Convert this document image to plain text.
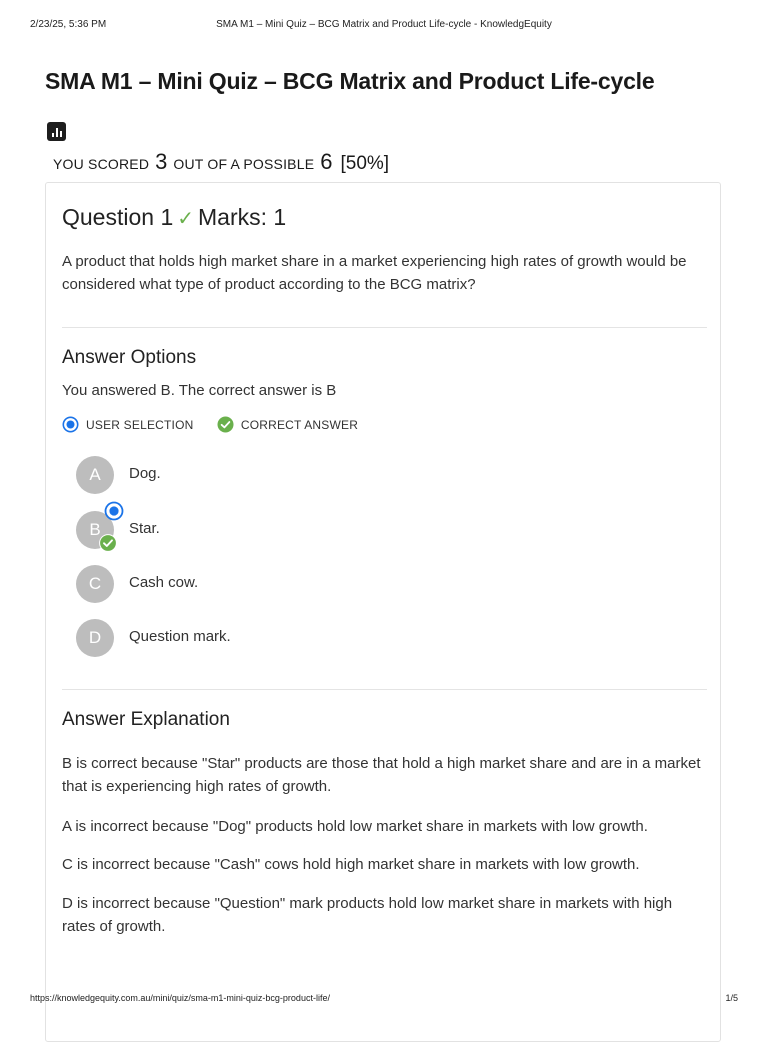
2/23/25, 5:36 PM	SMA M1 – Mini Quiz – BCG Matrix and Product Life-cycle - KnowledgEquity
SMA M1 – Mini Quiz – BCG Matrix and Product Life-cycle
YOU SCORED 3 OUT OF A POSSIBLE 6 [50%]
Question 1 ✓ Marks: 1

A product that holds high market share in a market experiencing high rates of growth would be considered what type of product according to the BCG matrix?

Answer Options
You answered B. The correct answer is B
USER SELECTION
	CORRECT ANSWER
A	Dog.
B	Star.
C	Cash cow.
D	Question mark.
Answer Explanation

B is correct because "Star" products are those that hold a high market share and are in a market that is experiencing high rates of growth.

A is incorrect because "Dog" products hold low market share in markets with low growth.

C is incorrect because "Cash" cows hold high market share in markets with low growth.

D is incorrect because "Question" mark products hold low market share in markets with high rates of growth.

https://knowledgequity.com.au/mini/quiz/sma-m1-mini-quiz-bcg-product-life/	1/5
